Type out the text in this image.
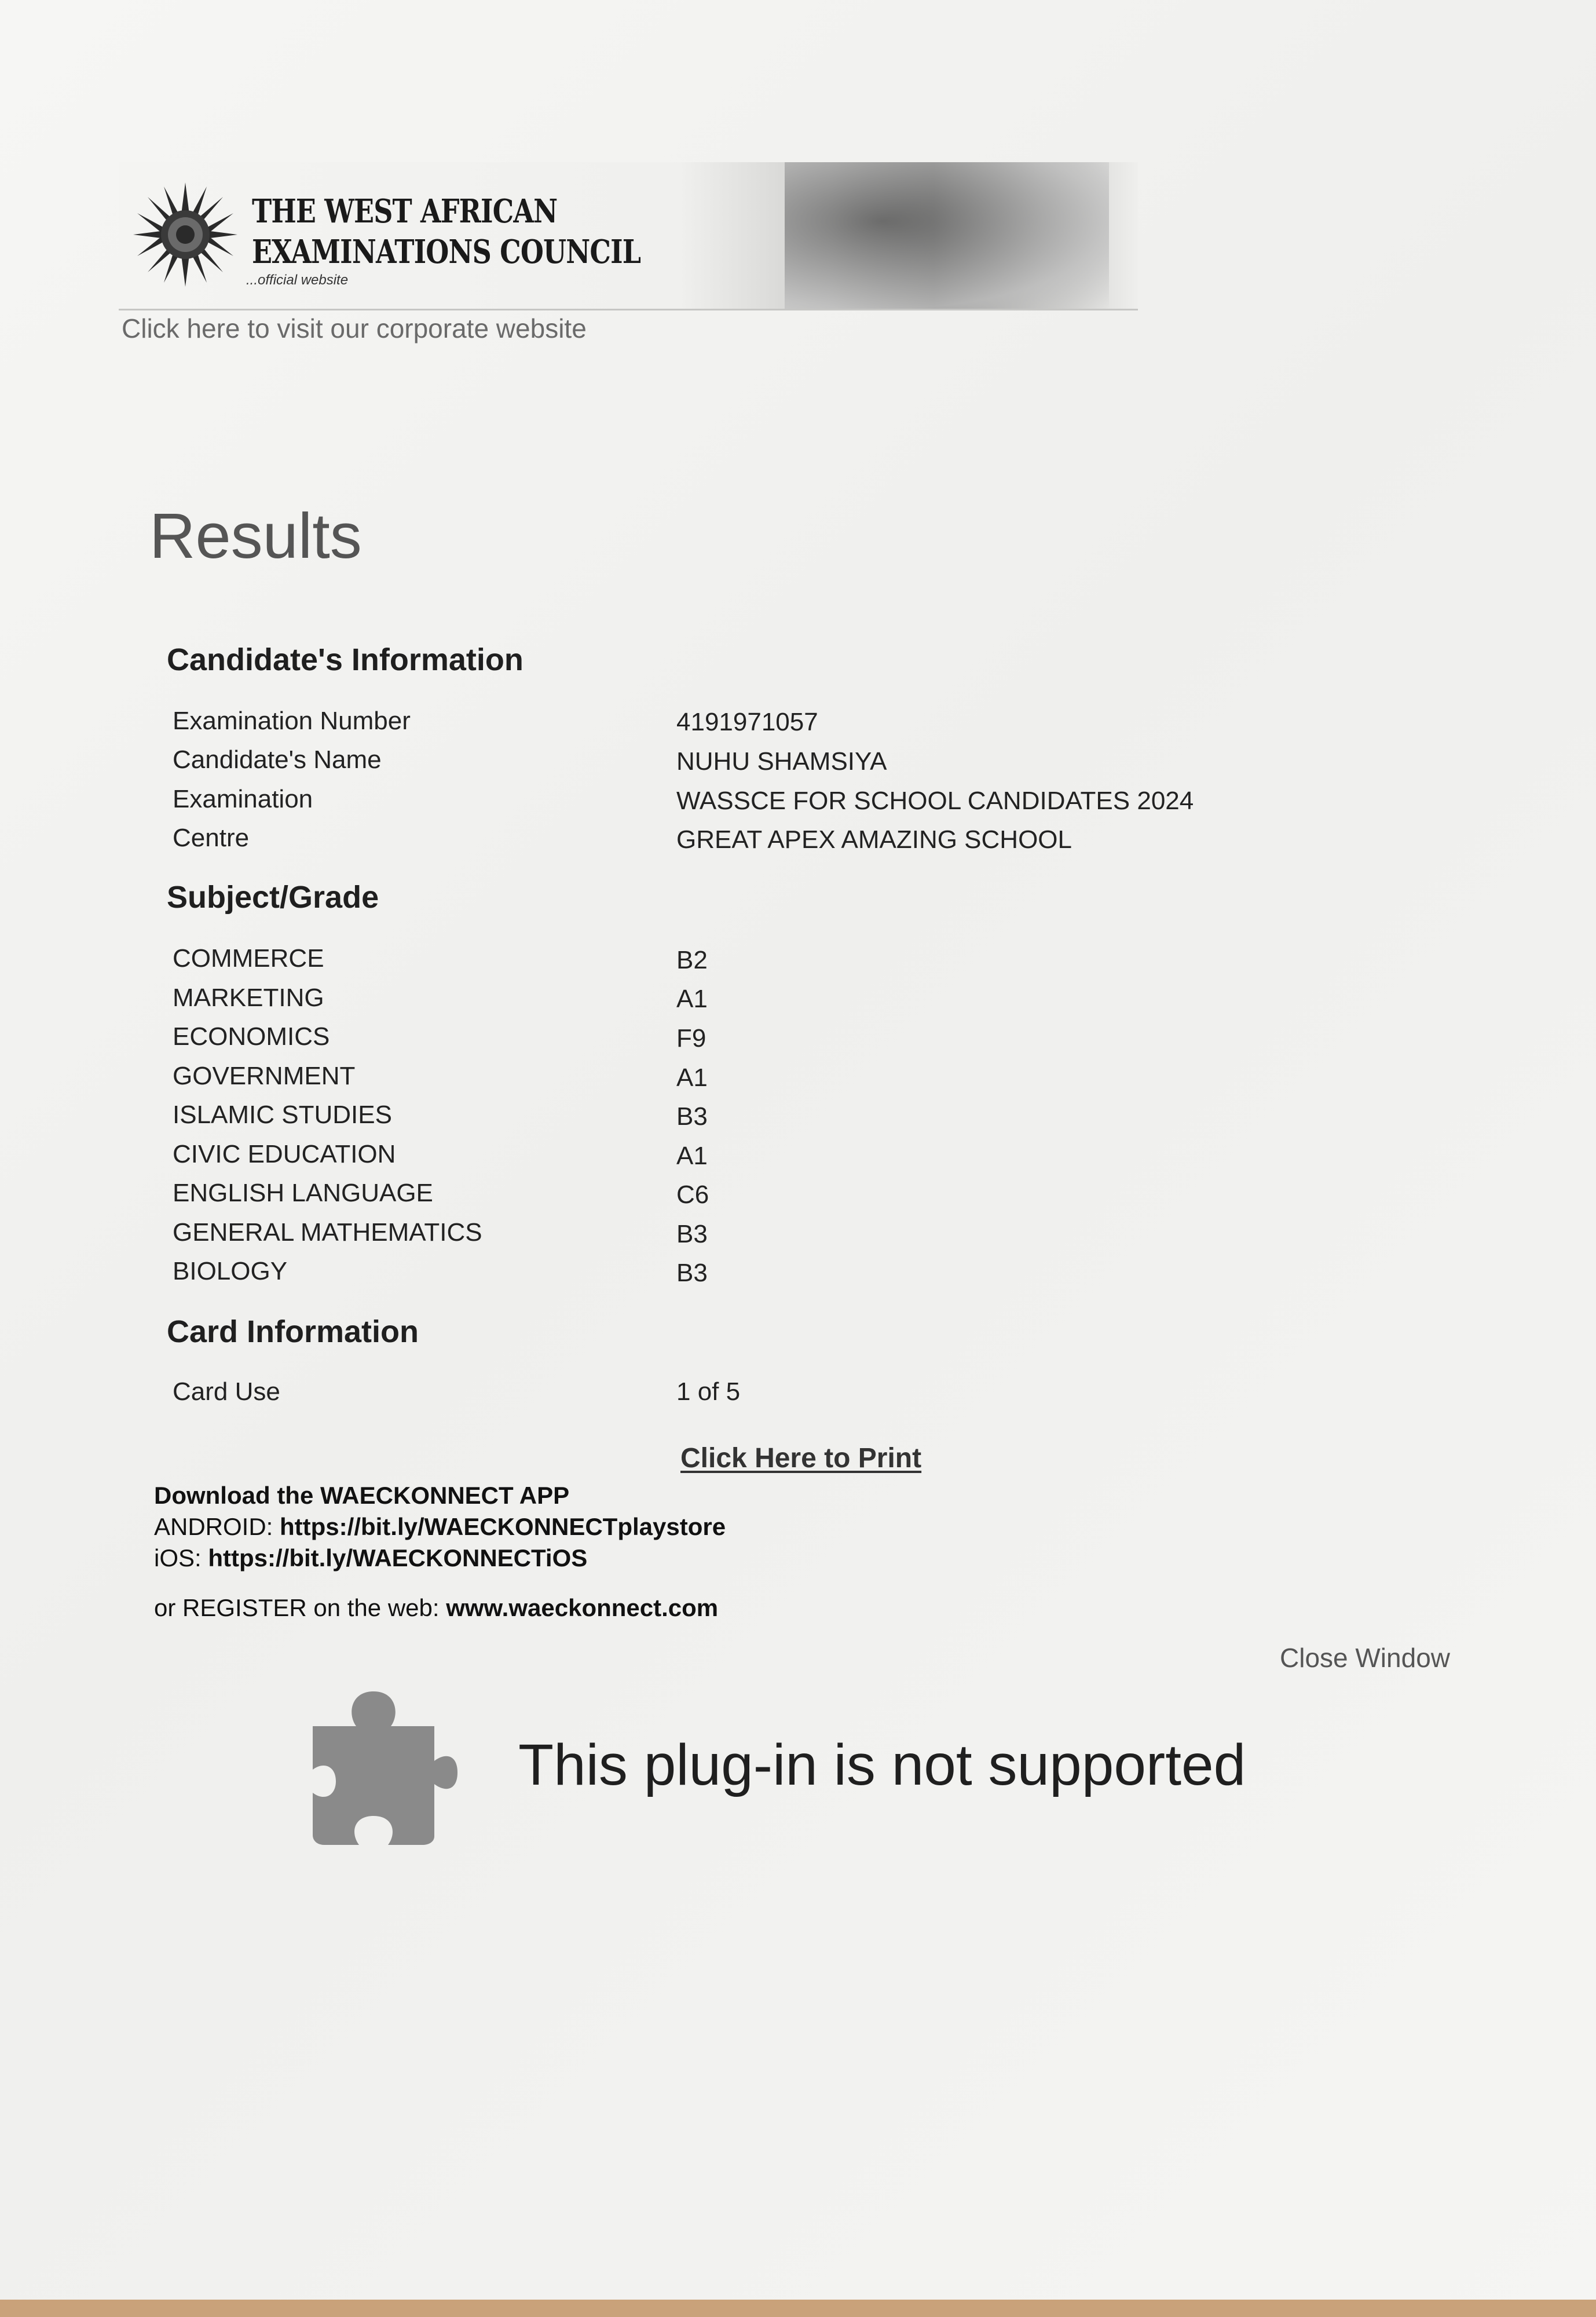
THE WEST AFRICAN
EXAMINATIONS COUNCIL
...official website
Click here to visit our corporate website
Results
Candidate's Information
Examination Number	4191971057
Candidate's Name	NUHU SHAMSIYA
Examination	WASSCE FOR SCHOOL CANDIDATES 2024
Centre	GREAT APEX AMAZING SCHOOL
Subject/Grade
COMMERCE	B2
MARKETING	A1
ECONOMICS	F9
GOVERNMENT	A1
ISLAMIC STUDIES	B3
CIVIC EDUCATION	A1
ENGLISH LANGUAGE	C6
GENERAL MATHEMATICS	B3
BIOLOGY	B3
Card Information
Card Use	1 of 5
Click Here to Print
Download the WAECKONNECT APP
ANDROID: https://bit.ly/WAECKONNECTplaystore
iOS: https://bit.ly/WAECKONNECTiOS
or REGISTER on the web: www.waeckonnect.com
Close Window
This plug-in is not supported
